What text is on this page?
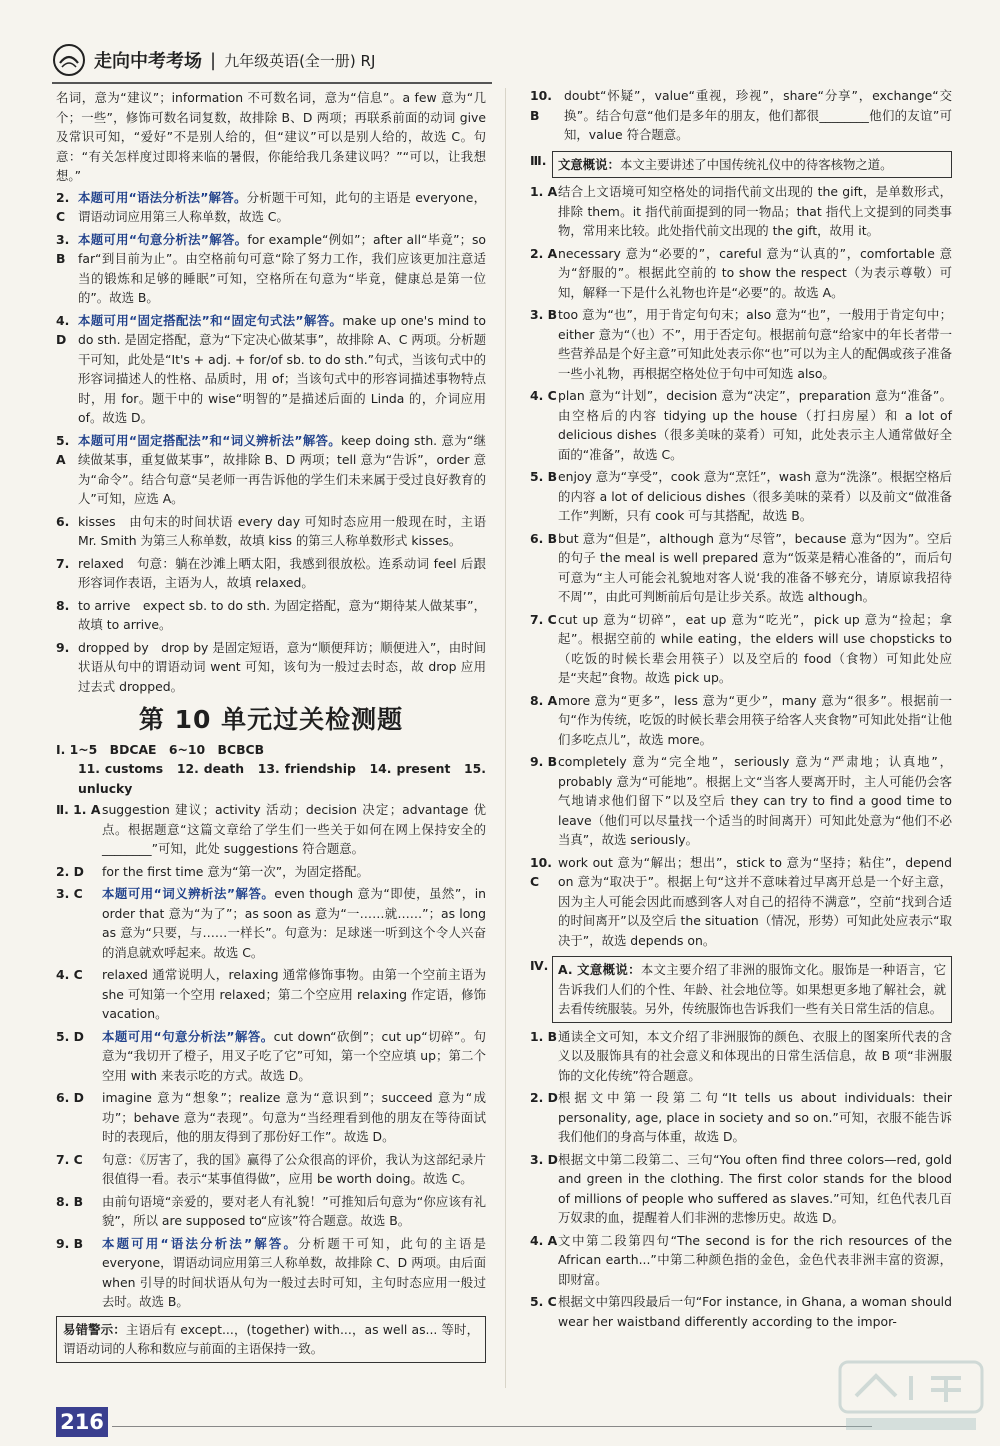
走向中考考场 | 九年级英语(全一册) RJ

名词，意为“建议”；information 不可数名词，意为“信息”。a few 意为“几个；一些”，修饰可数名词复数，故排除 B、D 两项；再联系前面的动词 give 及常识可知，“爱好”不是别人给的，但“建议”可以是别人给的，故选 C。句意：“有关怎样度过即将来临的暑假，你能给我几条建议吗？”“可以，让我想想。”

2. C
本题可用“语法分析法”解答。分析题干可知，此句的主语是 everyone，谓语动词应用第三人称单数，故选 C。
3. B
本题可用“句意分析法”解答。for example“例如”；after all“毕竟”；so far“到目前为止”。由空格前句可意“除了努力工作，我们应该更加注意适当的锻炼和足够的睡眠”可知，空格所在句意为“毕竟，健康总是第一位的”。故选 B。
4. D
本题可用“固定搭配法”和“固定句式法”解答。make up one's mind to do sth. 是固定搭配，意为“下定决心做某事”，故排除 A、C 两项。分析题干可知，此处是“It's + adj. + for/of sb. to do sth.”句式，当该句式中的形容词描述人的性格、品质时，用 of；当该句式中的形容词描述事物特点时，用 for。题干中的 wise“明智的”是描述后面的 Linda 的，介词应用 of。故选 D。
5. A
本题可用“固定搭配法”和“词义辨析法”解答。keep doing sth. 意为“继续做某事，重复做某事”，故排除 B、D 两项；tell 意为“告诉”，order 意为“命令”。结合句意“吴老师一再告诉他的学生们未来属于受过良好教育的人”可知，应选 A。
6. kisses　由句末的时间状语 every day 可知时态应用一般现在时，主语 Mr. Smith 为第三人称单数，故填 kiss 的第三人称单数形式 kisses。
7. relaxed　句意：躺在沙滩上晒太阳，我感到很放松。连系动词 feel 后跟形容词作表语，主语为人，故填 relaxed。
8. to arrive　expect sb. to do sth. 为固定搭配，意为“期待某人做某事”，故填 to arrive。
9. dropped by　drop by 是固定短语，意为“顺便拜访；顺便进入”，由时间状语从句中的谓语动词 went 可知，该句为一般过去时态，故 drop 应用过去式 dropped。
第 10 单元过关检测题
Ⅰ. 1~5　BDCAE　6~10　BCBCB
11. customs　12. death　13. friendship　14. present　15. unlucky
Ⅱ. 1. A suggestion 建议；activity 活动；decision 决定；advantage 优点。根据题意“这篇文章给了学生们一些关于如何在网上保持安全的________”可知，此处 suggestions 符合题意。
2. D	for the first time 意为“第一次”，为固定搭配。
3. C	本题可用“词义辨析法”解答。even though 意为“即使，虽然”，in order that 意为“为了”；as soon as 意为“一……就……”；as long as 意为“只要，与……一样长”。句意为：足球迷一听到这个令人兴奋的消息就欢呼起来。故选 C。
4. C	relaxed 通常说明人，relaxing 通常修饰事物。由第一个空前主语为 she 可知第一个空用 relaxed；第二个空应用 relaxing 作定语，修饰 vacation。
5. D	本题可用“句意分析法”解答。cut down“砍倒”；cut up“切碎”。句意为“我切开了橙子，用叉子吃了它”可知，第一个空应填 up；第二个空用 with 来表示吃的方式。故选 D。
6. D	imagine 意为“想象”；realize 意为“意识到”；succeed 意为“成功”；behave 意为“表现”。句意为“当经理看到他的朋友在等待面试时的表现后，他的朋友得到了那份好工作”。故选 D。
7. C	句意：《厉害了，我的国》赢得了公众很高的评价，我认为这部纪录片很值得一看。表示“某事值得做”，应用 be worth doing。故选 C。
8. B	由前句语境“亲爱的，要对老人有礼貌！”可推知后句意为“你应该有礼貌”，所以 are supposed to“应该”符合题意。故选 B。
9. B	本题可用“语法分析法”解答。分析题干可知，此句的主语是 everyone，谓语动词应用第三人称单数，故排除 C、D 两项。由后面 when 引导的时间状语从句为一般过去时可知，主句时态应用一般过去时。故选 B。
易错警示：主语后有 except...，(together) with...，as well as... 等时，谓语动词的人称和数应与前面的主语保持一致。
10. B
doubt“怀疑”，value“重视，珍视”，share“分享”，exchange“交换”。结合句意“他们是多年的朋友，他们都很________他们的友谊”可知，value 符合题意。
Ⅲ. 文意概说：本文主要讲述了中国传统礼仪中的待客核物之道。
1. A 结合上文语境可知空格处的词指代前文出现的 the gift，是单数形式，排除 them。it 指代前面提到的同一物品；that 指代上文提到的同类事物，常用来比较。此处指代前文出现的 the gift，故用 it。
2. A necessary 意为“必要的”，careful 意为“认真的”，comfortable 意为“舒服的”。根据此空前的 to show the respect（为表示尊敬）可知，解释一下是什么礼物也许是“必要”的。故选 A。
3. B too 意为“也”，用于肯定句句末；also 意为“也”，一般用于肯定句中；either 意为“（也）不”，用于否定句。根据前句意“给家中的年长者带一些营养品是个好主意”可知此处表示你“也”可以为主人的配偶或孩子准备一些小礼物，再根据空格处位于句中可知选 also。
4. C plan 意为“计划”，decision 意为“决定”，preparation 意为“准备”。由空格后的内容 tidying up the house（打扫房屋）和 a lot of delicious dishes（很多美味的菜肴）可知，此处表示主人通常做好全面的“准备”，故选 C。
5. B enjoy 意为“享受”，cook 意为“烹饪”，wash 意为“洗涤”。根据空格后的内容 a lot of delicious dishes（很多美味的菜肴）以及前文“做准备工作”判断，只有 cook 可与其搭配，故选 B。
6. B but 意为“但是”，although 意为“尽管”，because 意为“因为”。空后的句子 the meal is well prepared 意为“饭菜是精心准备的”，而后句可意为“主人可能会礼貌地对客人说‘我的准备不够充分，请原谅我招待不周’”，由此可判断前后句是让步关系。故选 although。
7. C cut up 意为“切碎”，eat up 意为“吃光”，pick up 意为“捡起；拿起”。根据空前的 while eating，the elders will use chopsticks to（吃饭的时候长辈会用筷子）以及空后的 food（食物）可知此处应是“夹起”食物。故选 pick up。
8. A more 意为“更多”，less 意为“更少”，many 意为“很多”。根据前一句“作为传统，吃饭的时候长辈会用筷子给客人夹食物”可知此处指“让他们多吃点儿”，故选 more。
9. B completely 意为“完全地”，seriously 意为“严肃地；认真地”，probably 意为“可能地”。根据上文“当客人要离开时，主人可能仍会客气地请求他们留下”以及空后 they can try to find a good time to leave（他们可以尽量找一个适当的时间离开）可知此处意为“他们不必当真”，故选 seriously。
10. C
work out 意为“解出；想出”，stick to 意为“坚持；粘住”，depend on 意为“取决于”。根据上句“这并不意味着过早离开总是一个好主意，因为主人可能会因此而感到客人对自己的招待不满意”，空前“找到合适的时间离开”以及空后 the situation（情况，形势）可知此处应表示“取决于”，故选 depends on。
Ⅳ. A. 文意概说：本文主要介绍了非洲的服饰文化。服饰是一种语言，它告诉我们人们的个性、年龄、社会地位等。如果想更多地了解社会，就去看传统服装。另外，传统服饰也告诉我们一些有关日常生活的信息。
1. B 通读全文可知，本文介绍了非洲服饰的颜色、衣服上的图案所代表的含义以及服饰具有的社会意义和体现出的日常生活信息，故 B 项“非洲服饰的文化传统”符合题意。
2. D 根据文中第一段第二句“It tells us about individuals: their personality, age, place in society and so on.”可知，衣服不能告诉我们他们的身高与体重，故选 D。
3. D 根据文中第二段第二、三句“You often find three colors—red, gold and green in the clothing. The first color stands for the blood of millions of people who suffered as slaves.”可知，红色代表几百万奴隶的血，提醒着人们非洲的悲惨历史。故选 D。
4. A 文中第二段第四句“The second is for the rich resources of the African earth...”中第二种颜色指的金色，金色代表非洲丰富的资源，即财富。
5. C 根据文中第四段最后一句“For instance, in Ghana, a woman should wear her waistband differently according to the impor-
216
